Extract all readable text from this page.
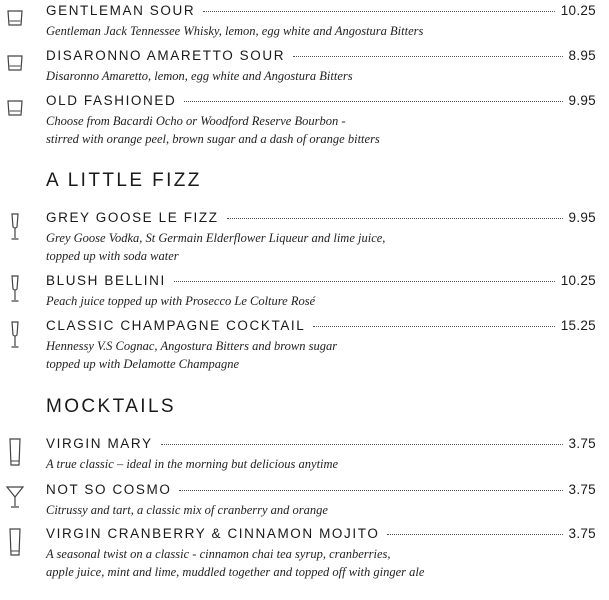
GENTLEMAN SOUR	10.25
Gentleman Jack Tennessee Whisky, lemon, egg white and Angostura Bitters
DISARONNO AMARETTO SOUR	8.95
Disaronno Amaretto, lemon, egg white and Angostura Bitters
OLD FASHIONED	9.95
Choose from Bacardi Ocho or Woodford Reserve Bourbon -
stirred with orange peel, brown sugar and a dash of orange bitters
A LITTLE FIZZ
GREY GOOSE LE FIZZ	9.95
Grey Goose Vodka, St Germain Elderflower Liqueur and lime juice,
topped up with soda water
BLUSH BELLINI	10.25
Peach juice topped up with Prosecco Le Colture Rosé
CLASSIC CHAMPAGNE COCKTAIL	15.25
Hennessy V.S Cognac, Angostura Bitters and brown sugar
topped up with Delamotte Champagne
MOCKTAILS
VIRGIN MARY	3.75
A true classic – ideal in the morning but delicious anytime
NOT SO COSMO	3.75
Citrussy and tart, a classic mix of cranberry and orange
VIRGIN CRANBERRY & CINNAMON MOJITO	3.75
A seasonal twist on a classic - cinnamon chai tea syrup, cranberries,
apple juice, mint and lime, muddled together and topped off with ginger ale
